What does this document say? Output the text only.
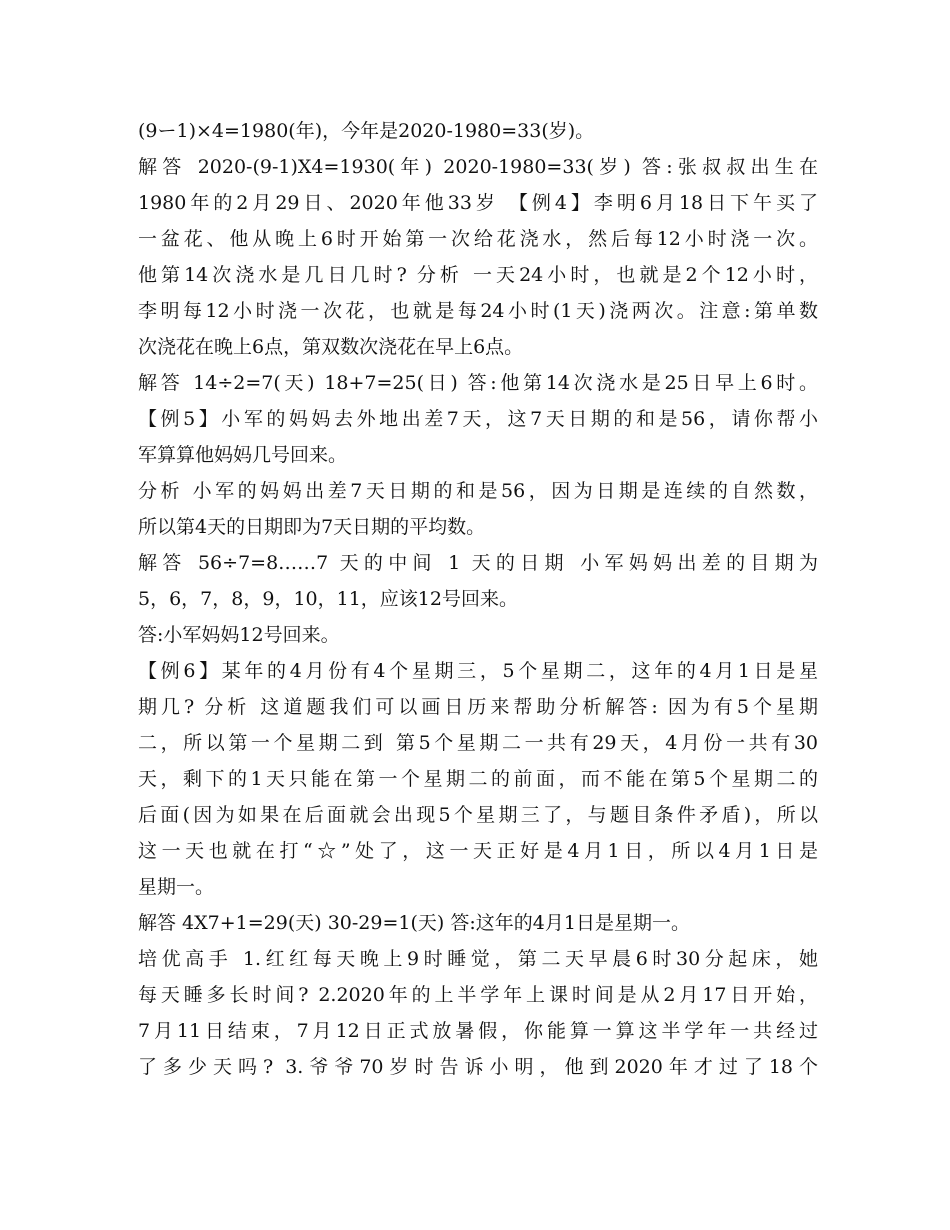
(9ー1)×4=1980(年)，今年是2020-1980=33(岁)。
解答 2020-(9-1)X4=1930(年) 2020-1980=33(岁) 答:张叔叔出生在
1980年的2月29日、2020年他33岁 【例4】李明6月18日下午买了
一盆花、他从晚上6时开始第一次给花浇水，然后每12小时浇一次。
他第14次浇水是几日几时? 分析 一天24小时，也就是2个12小时，
李明每12小时浇一次花，也就是每24小时(1天)浇两次。注意:第单数
次浇花在晚上6点，第双数次浇花在早上6点。
解答 14÷2=7(天) 18+7=25(日) 答:他第14次浇水是25日早上6时。
【例5】小军的妈妈去外地出差7天，这7天日期的和是56，请你帮小
军算算他妈妈几号回来。
分析 小军的妈妈出差7天日期的和是56，因为日期是连续的自然数，
所以第4天的日期即为7天日期的平均数。
解答 56÷7=8……7 天的中间 1 天的日期 小军妈妈出差的目期为
5，6，7，8，9，10，11，应该12号回来。
答:小军妈妈12号回来。
【例6】某年的4月份有4个星期三，5个星期二，这年的4月1日是星
期几? 分析 这道题我们可以画日历来帮助分析解答: 因为有5个星期
二，所以第一个星期二到 第5个星期二一共有29天，4月份一共有30
天，剩下的1天只能在第一个星期二的前面，而不能在第5个星期二的
后面(因为如果在后面就会出现5个星期三了，与题目条件矛盾)，所以
这一天也就在打“☆”处了，这一天正好是4月1日，所以4月1日是
星期一。
解答 4X7+1=29(天) 30-29=1(天) 答:这年的4月1日是星期一。
培优高手 1.红红每天晚上9时睡觉，第二天早晨6时30分起床，她
每天睡多长时间? 2.2020年的上半学年上课时间是从2月17日开始，
7月11日结束，7月12日正式放暑假，你能算一算这半学年一共经过
了多少天吗? 3.爷爷70岁时告诉小明，他到2020年才过了18个
